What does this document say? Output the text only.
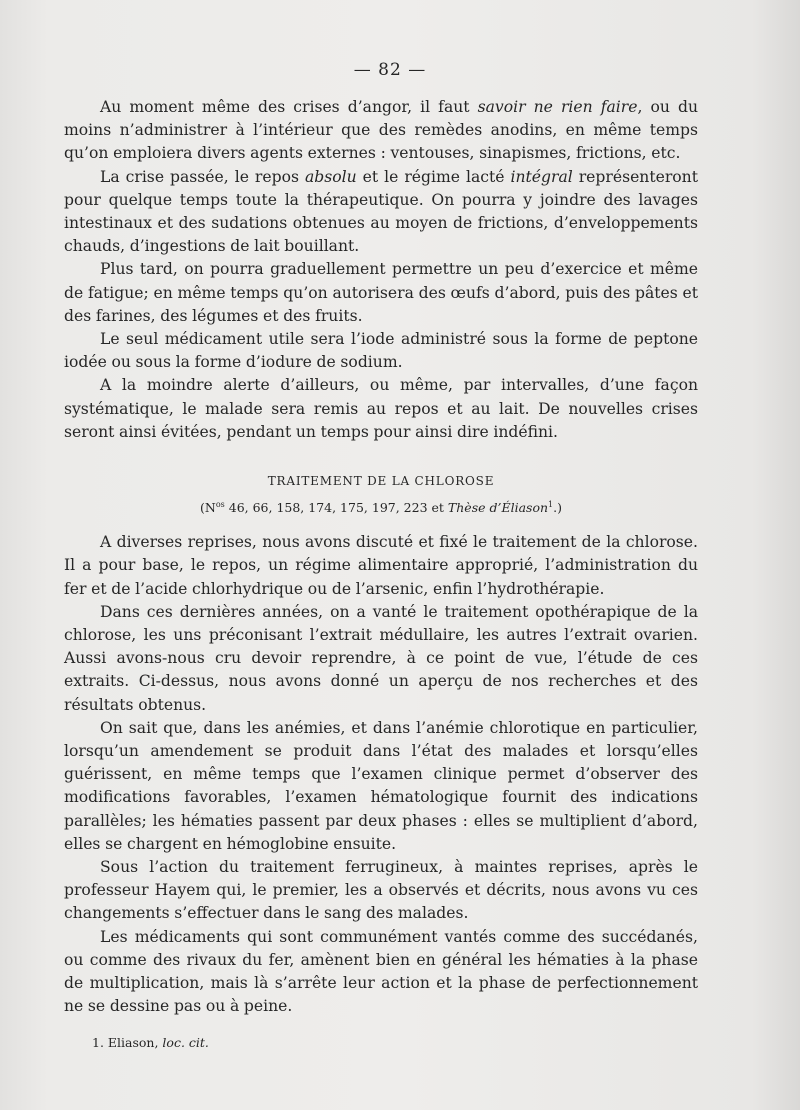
— 82 —

Au moment même des crises d’angor, il faut savoir ne rien faire, ou du moins n’administrer à l’intérieur que des remèdes anodins, en même temps qu’on emploiera divers agents externes : ventouses, sinapismes, frictions, etc.

La crise passée, le repos absolu et le régime lacté intégral représenteront pour quelque temps toute la thérapeutique. On pourra y joindre des lavages intestinaux et des sudations obtenues au moyen de frictions, d’enveloppements chauds, d’ingestions de lait bouillant.

Plus tard, on pourra graduellement permettre un peu d’exercice et même de fatigue; en même temps qu’on autorisera des œufs d’abord, puis des pâtes et des farines, des légumes et des fruits.

Le seul médicament utile sera l’iode administré sous la forme de peptone iodée ou sous la forme d’iodure de sodium.

A la moindre alerte d’ailleurs, ou même, par intervalles, d’une façon systématique, le malade sera remis au repos et au lait. De nouvelles crises seront ainsi évitées, pendant un temps pour ainsi dire indéfini.

TRAITEMENT DE LA CHLOROSE
($N^{os}$ 46, 66, 158, 174, 175, 197, 223 et Thèse d’Éliason$^1$.)

A diverses reprises, nous avons discuté et fixé le traitement de la chlorose. Il a pour base, le repos, un régime alimentaire approprié, l’administration du fer et de l’acide chlorhydrique ou de l’arsenic, enfin l’hydrothérapie.

Dans ces dernières années, on a vanté le traitement opothérapique de la chlorose, les uns préconisant l’extrait médullaire, les autres l’extrait ovarien. Aussi avons-nous cru devoir reprendre, à ce point de vue, l’étude de ces extraits. Ci-dessus, nous avons donné un aperçu de nos recherches et des résultats obtenus.

On sait que, dans les anémies, et dans l’anémie chlorotique en particulier, lorsqu’un amendement se produit dans l’état des malades et lorsqu’elles guérissent, en même temps que l’examen clinique permet d’observer des modifications favorables, l’examen hématologique fournit des indications parallèles; les hématies passent par deux phases : elles se multiplient d’abord, elles se chargent en hémoglobine ensuite.

Sous l’action du traitement ferrugineux, à maintes reprises, après le professeur Hayem qui, le premier, les a observés et décrits, nous avons vu ces changements s’effectuer dans le sang des malades.

Les médicaments qui sont communément vantés comme des succédanés, ou comme des rivaux du fer, amènent bien en général les hématies à la phase de multiplication, mais là s’arrête leur action et la phase de perfectionnement ne se dessine pas ou à peine.

1. Eliason, loc. cit.
